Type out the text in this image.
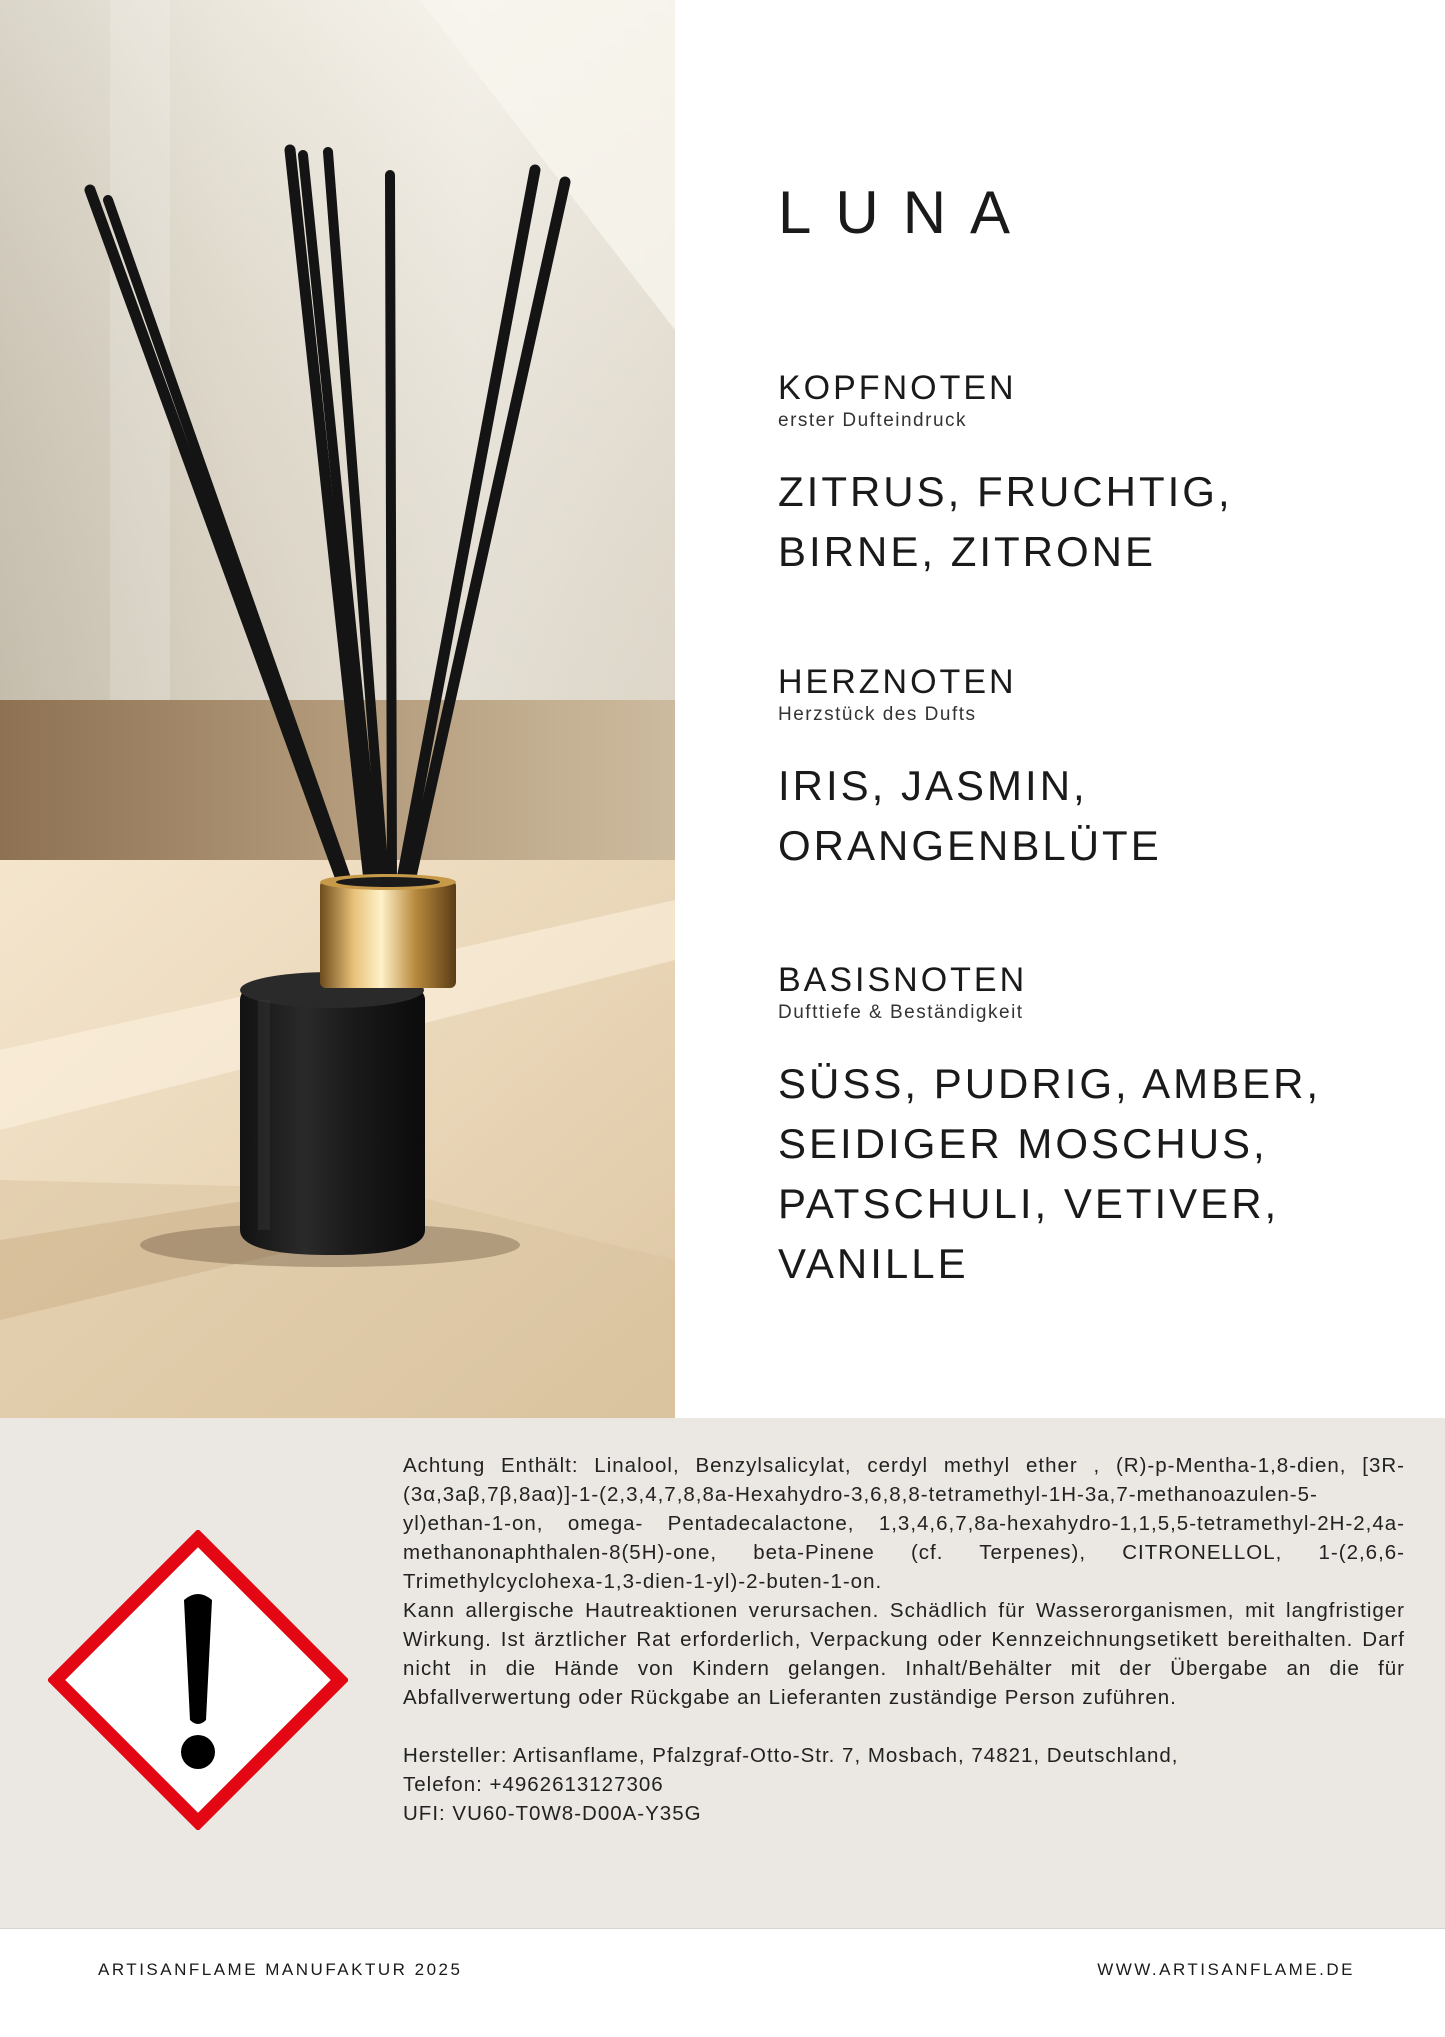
LUNA
KOPFNOTEN
erster Dufteindruck
ZITRUS, FRUCHTIG,
BIRNE, ZITRONE
HERZNOTEN
Herzstück des Dufts
IRIS, JASMIN,
ORANGENBLÜTE
BASISNOTEN
Dufttiefe & Beständigkeit
SÜSS, PUDRIG, AMBER,
SEIDIGER MOSCHUS,
PATSCHULI, VETIVER,
VANILLE

Achtung Enthält: Linalool, Benzylsalicylat, cerdyl methyl ether , (R)-p-Mentha-1,8-dien, [3R-(3α,3aβ,7β,8aα)]-1-(2,3,4,7,8,8a-Hexahydro-3,6,8,8-tetramethyl-1H-3a,7-methanoazulen-5-yl)ethan-1-on, omega- Pentadecalactone, 1,3,4,6,7,8a-hexahydro-1,1,5,5-tetramethyl-2H-2,4a-methanonaphthalen-8(5H)-one, beta-Pinene (cf. Terpenes), CITRONELLOL, 1-(2,6,6-Trimethylcyclohexa-1,3-dien-1-yl)-2-buten-1-on.

Kann allergische Hautreaktionen verursachen. Schädlich für Wasserorganismen, mit langfristiger Wirkung. Ist ärztlicher Rat erforderlich, Verpackung oder Kennzeichnungsetikett bereithalten. Darf nicht in die Hände von Kindern gelangen. Inhalt/Behälter mit der Übergabe an die für Abfallverwertung oder Rückgabe an Lieferanten zuständige Person zuführen.

Hersteller: Artisanflame, Pfalzgraf-Otto-Str. 7, Mosbach, 74821, Deutschland,

Telefon: +4962613127306

UFI: VU60-T0W8-D00A-Y35G

ARTISANFLAME MANUFAKTUR 2025	WWW.ARTISANFLAME.DE
